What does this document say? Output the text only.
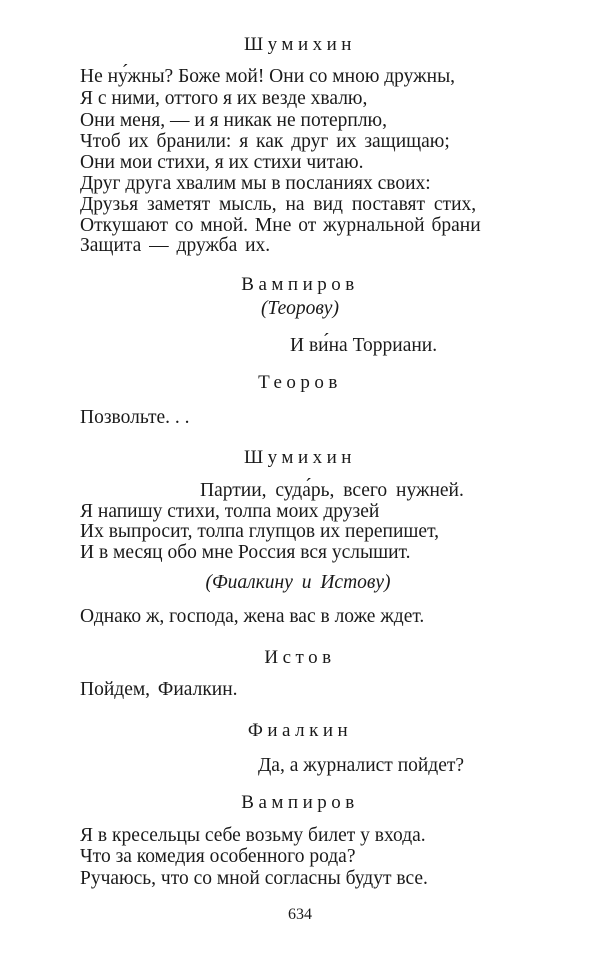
Шумихин
Не ну́жны? Боже мой! Они со мною дружны,
Я с ними, оттого я их везде хвалю,
Они меня, — и я никак не потерплю,
Чтоб их бранили: я как друг их защищаю;
Они мои стихи, я их стихи читаю.
Друг друга хвалим мы в посланиях своих:
Друзья заметят мысль, на вид поставят стих,
Откушают со мной. Мне от журнальной брани
Защита — дружба их.
Вампиров
(Теорову)
И ви́на Торриани.
Теоров
Позвольте. . .
Шумихин
Партии, суда́рь, всего нужней.
Я напишу стихи, толпа моих друзей
Их выпросит, толпа глупцов их перепишет,
И в месяц обо мне Россия вся услышит.
(Фиалкину и Истову)
Однако ж, господа, жена вас в ложе ждет.
Истов
Пойдем, Фиалкин.
Фиалкин
Да, а журналист пойдет?
Вампиров
Я в кресельцы себе возьму билет у входа.
Что за комедия особенного рода?
Ручаюсь, что со мной согласны будут все.
634
